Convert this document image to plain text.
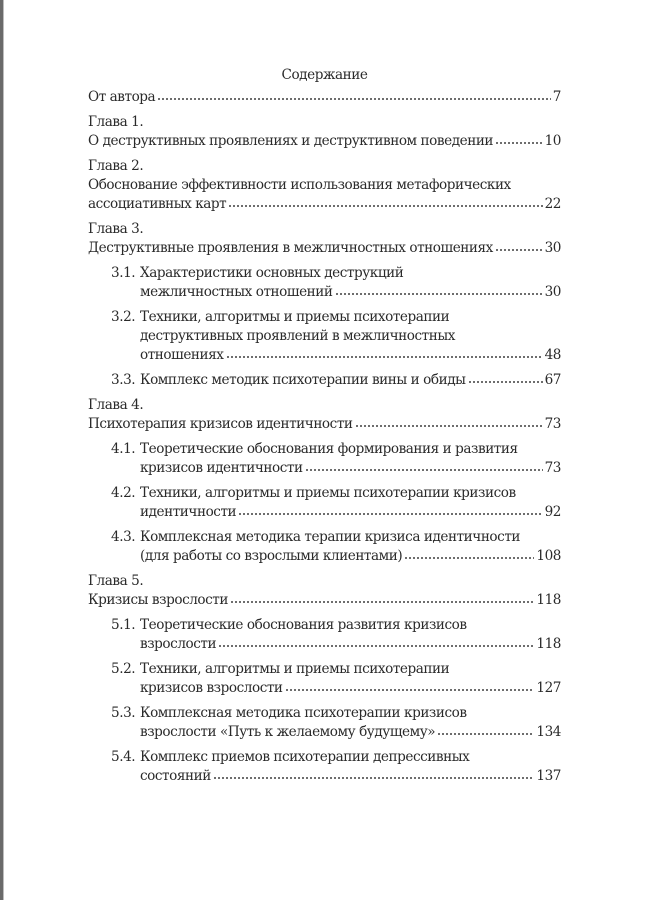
Содержание
От автора	7
Глава 1.
О деструктивных проявлениях и деструктивном поведении	10
Глава 2.
Обоснование эффективности использования метафорических
ассоциативных карт	22
Глава 3.
Деструктивные проявления в межличностных отношениях	30
3.1. Характеристики основных деструкций
межличностных отношений	30
3.2. Техники, алгоритмы и приемы психотерапии
деструктивных проявлений в межличностных
отношениях	48
3.3. Комплекс методик психотерапии вины и обиды	67
Глава 4.
Психотерапия кризисов идентичности	73
4.1. Теоретические обоснования формирования и развития
кризисов идентичности	73
4.2. Техники, алгоритмы и приемы психотерапии кризисов
идентичности	92
4.3. Комплексная методика терапии кризиса идентичности
(для работы со взрослыми клиентами)	108
Глава 5.
Кризисы взрослости	118
5.1. Теоретические обоснования развития кризисов
взрослости	118
5.2. Техники, алгоритмы и приемы психотерапии
кризисов взрослости	127
5.3. Комплексная методика психотерапии кризисов
взрослости «Путь к желаемому будущему»	134
5.4. Комплекс приемов психотерапии депрессивных
состояний	137
